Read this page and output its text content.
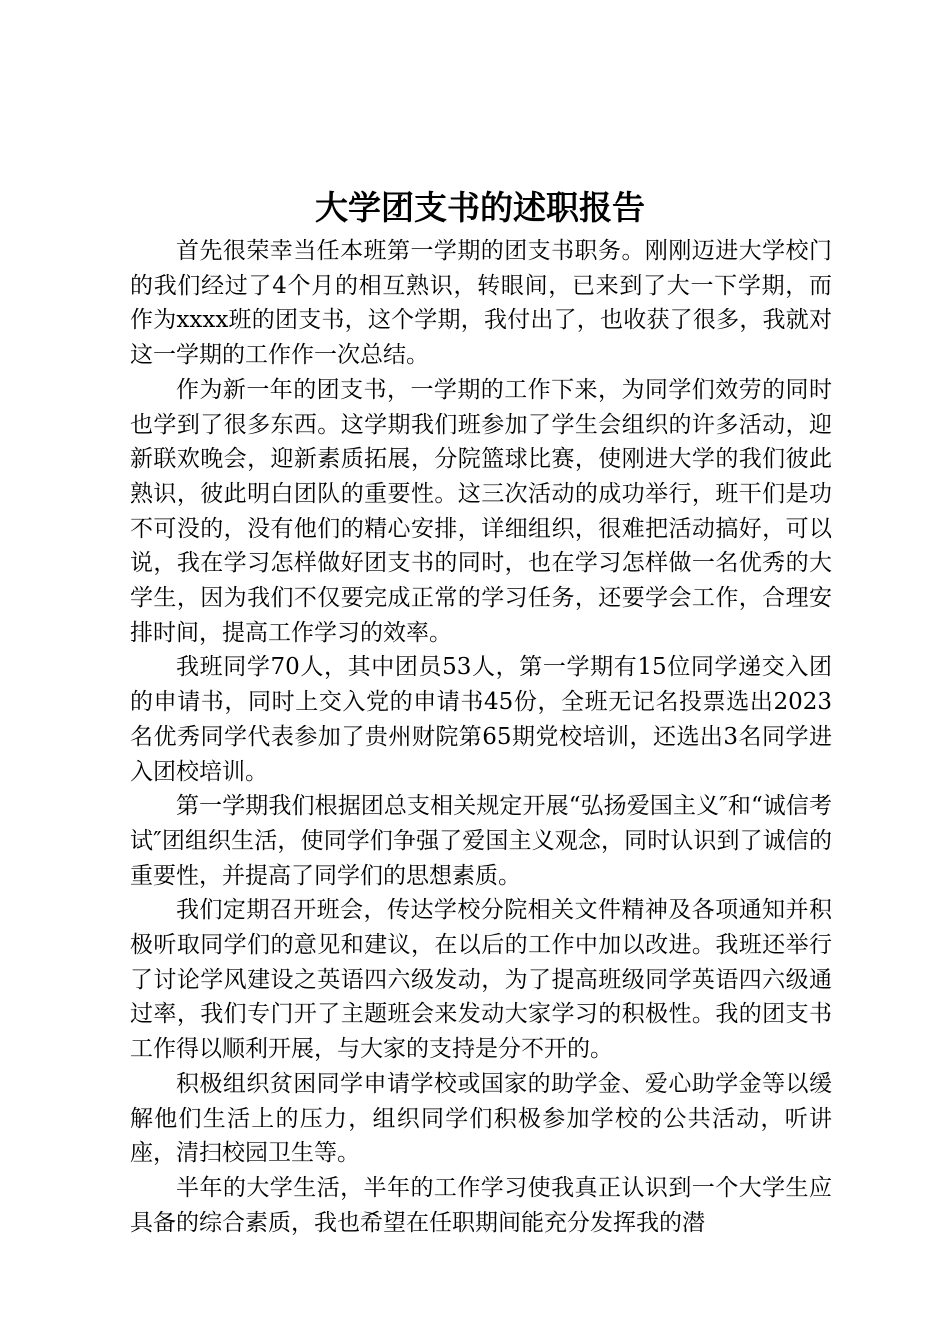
大学团支书的述职报告

首先很荣幸当任本班第一学期的团支书职务。刚刚迈进大学校门的我们经过了4个月的相互熟识，转眼间，已来到了大一下学期，而作为xxxx班的团支书，这个学期，我付出了，也收获了很多，我就对这一学期的工作作一次总结。

作为新一年的团支书，一学期的工作下来，为同学们效劳的同时也学到了很多东西。这学期我们班参加了学生会组织的许多活动，迎新联欢晚会，迎新素质拓展，分院篮球比赛，使刚进大学的我们彼此熟识，彼此明白团队的重要性。这三次活动的成功举行，班干们是功不可没的，没有他们的精心安排，详细组织，很难把活动搞好，可以说，我在学习怎样做好团支书的同时，也在学习怎样做一名优秀的大学生，因为我们不仅要完成正常的学习任务，还要学会工作，合理安排时间，提高工作学习的效率。

我班同学70人，其中团员53人，第一学期有15位同学递交入团的申请书，同时上交入党的申请书45份，全班无记名投票选出2023名优秀同学代表参加了贵州财院第65期党校培训，还选出3名同学进入团校培训。

第一学期我们根据团总支相关规定开展“弘扬爱国主义″和“诚信考试″团组织生活，使同学们争强了爱国主义观念，同时认识到了诚信的重要性，并提高了同学们的思想素质。

我们定期召开班会，传达学校分院相关文件精神及各项通知并积极听取同学们的意见和建议，在以后的工作中加以改进。我班还举行了讨论学风建设之英语四六级发动，为了提高班级同学英语四六级通过率，我们专门开了主题班会来发动大家学习的积极性。我的团支书工作得以顺利开展，与大家的支持是分不开的。

积极组织贫困同学申请学校或国家的助学金、爱心助学金等以缓解他们生活上的压力，组织同学们积极参加学校的公共活动，听讲座，清扫校园卫生等。

半年的大学生活，半年的工作学习使我真正认识到一个大学生应具备的综合素质，我也希望在任职期间能充分发挥我的潜
